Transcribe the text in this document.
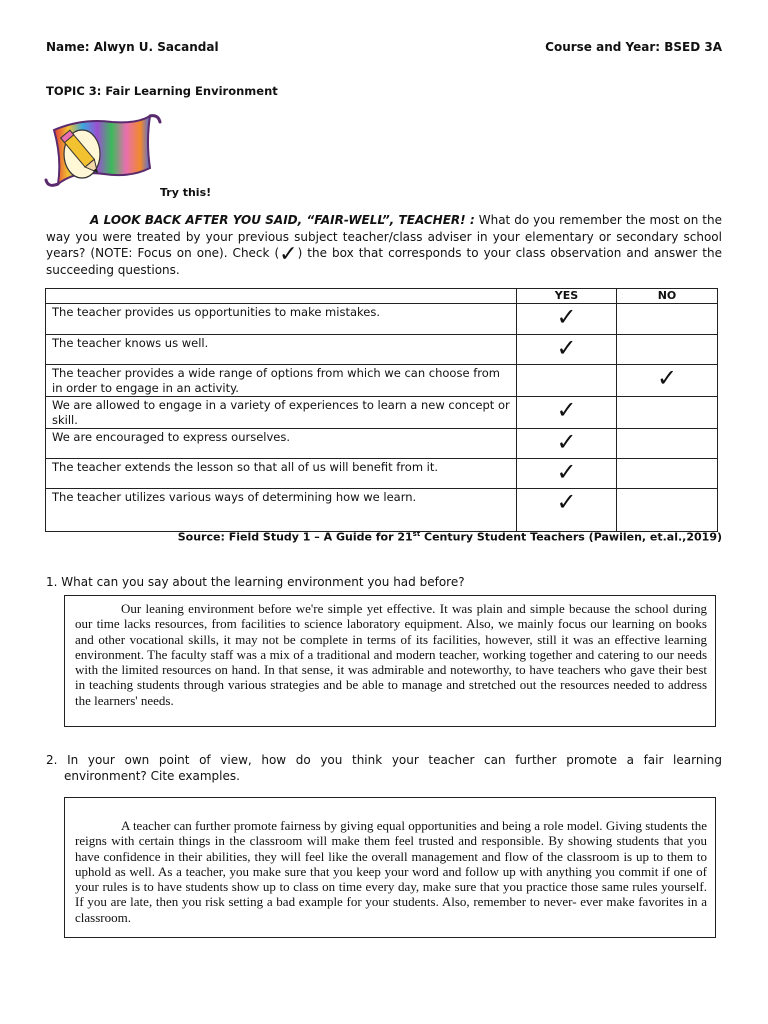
Name: Alwyn U. Sacandal	Course and Year: BSED 3A
TOPIC 3: Fair Learning Environment
Try this!
A LOOK BACK AFTER YOU SAID, “FAIR-WELL”, TEACHER! : What do you remember the most on the way you were treated by your previous subject teacher/class adviser in your elementary or secondary school years? (NOTE: Focus on one). Check (✓) the box that corresponds to your class observation and answer the succeeding questions.
	YES	NO
The teacher provides us opportunities to make mistakes.	✓	
The teacher knows us well.	✓	
The teacher provides a wide range of options from which we can choose from in order to engage in an activity.		✓
We are allowed to engage in a variety of experiences to learn a new concept or skill.	✓	
We are encouraged to express ourselves.	✓	
The teacher extends the lesson so that all of us will benefit from it.	✓	
The teacher utilizes various ways of determining how we learn.	✓	
Source: Field Study 1 – A Guide for 21st Century Student Teachers (Pawilen, et.al.,2019)
1. What can you say about the learning environment you had before?
Our leaning environment before we're simple yet effective. It was plain and simple because the school during our time lacks resources, from facilities to science laboratory equipment. Also, we mainly focus our learning on books and other vocational skills, it may not be complete in terms of its facilities, however, still it was an effective learning environment. The faculty staff was a mix of a traditional and modern teacher, working together and catering to our needs with the limited resources on hand. In that sense, it was admirable and noteworthy, to have teachers who gave their best in teaching students through various strategies and be able to manage and stretched out the resources needed to address the learners' needs.
2. In your own point of view, how do you think your teacher can further promote a fair learning
environment? Cite examples.
A teacher can further promote fairness by giving equal opportunities and being a role model. Giving students the reigns with certain things in the classroom will make them feel trusted and responsible. By showing students that you have confidence in their abilities, they will feel like the overall management and flow of the classroom is up to them to uphold as well. As a teacher, you make sure that you keep your word and follow up with anything you commit if one of your rules is to have students show up to class on time every day, make sure that you practice those same rules yourself. If you are late, then you risk setting a bad example for your students. Also, remember to never- ever make favorites in a classroom.
